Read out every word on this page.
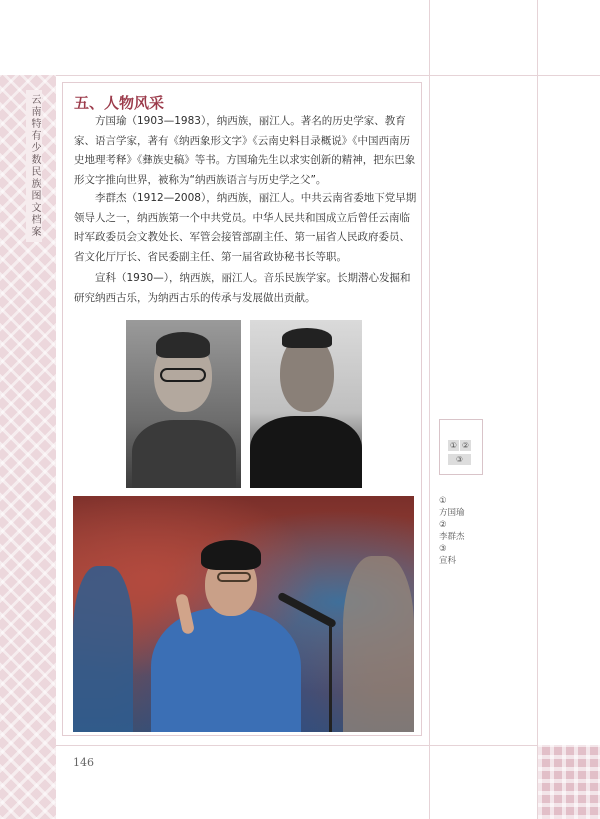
云南特有少数民族图文档案 五、人物风采

方国瑜（1903—1983），纳西族，丽江人。著名的历史学家、教育家、语言学家，著有《纳西象形文字》《云南史料目录概说》《中国西南历史地理考释》《彝族史稿》等书。方国瑜先生以求实创新的精神，把东巴象形文字推向世界，被称为“纳西族语言与历史学之父”。

李群杰（1912—2008），纳西族，丽江人。中共云南省委地下党早期领导人之一，纳西族第一个中共党员。中华人民共和国成立后曾任云南临时军政委员会文教处长、军管会接管部副主任、第一届省人民政府委员、省文化厅厅长、省民委副主任、第一届省政协秘书长等职。

宣科（1930—），纳西族，丽江人。音乐民族学家。长期潜心发掘和研究纳西古乐，为纳西古乐的传承与发展做出贡献。

① ②
③
①
方国瑜
②
李群杰
③
宣科
146
